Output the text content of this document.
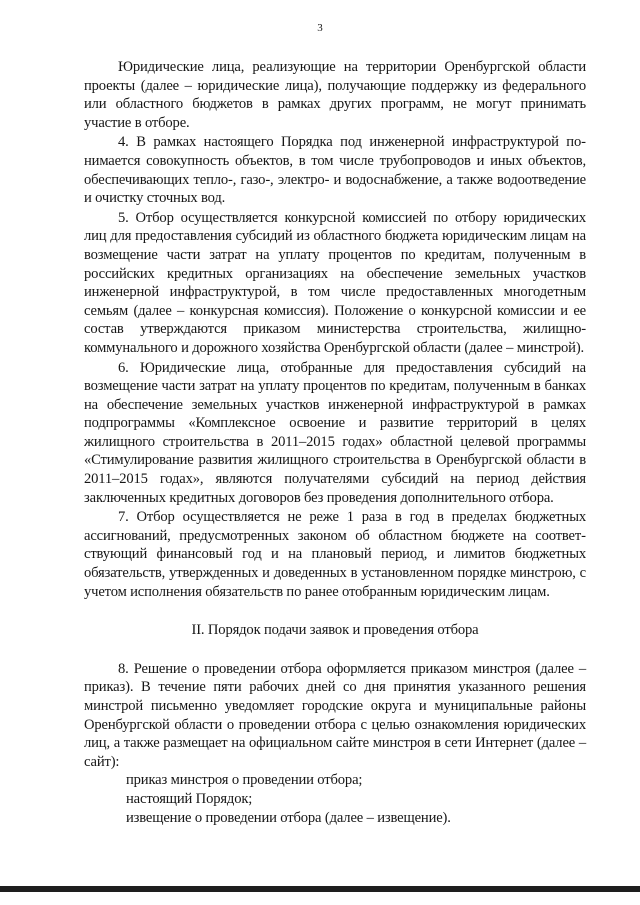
3

Юридические лица, реализующие на территории Оренбургской области проекты (далее – юридические лица), получающие поддержку из федерального или областного бюджетов в рамках других программ, не могут принимать участие в отборе.

4. В рамках настоящего Порядка под инженерной инфраструктурой понимается совокупность объектов, в том числе трубопроводов и иных объектов, обеспечивающих тепло-, газо-, электро- и водоснабжение, а также водоотведение и очистку сточных вод.

5. Отбор осуществляется конкурсной комиссией по отбору юридических лиц для предоставления субсидий из областного бюджета юридическим лицам на возмещение части затрат на уплату процентов по кредитам, полученным в российских кредитных организациях на обеспечение земельных участков инженерной инфраструктурой, в том числе предоставленных многодетным семьям (далее – конкурсная комиссия). Положение о конкурсной комиссии и ее состав утверждаются приказом министерства строительства, жилищно-коммунального и дорожного хозяйства Оренбургской области (далее – минстрой).

6. Юридические лица, отобранные для предоставления субсидий на возмещение части затрат на уплату процентов по кредитам, полученным в банках на обеспечение земельных участков инженерной инфраструктурой в рамках подпрограммы «Комплексное освоение и развитие территорий в целях жилищного строительства в 2011–2015 годах» областной целевой программы «Стимулирование развития жилищного строительства в Оренбургской области в 2011–2015 годах», являются получателями субсидий на период действия заключенных кредитных договоров без проведения дополнительного отбора.

7. Отбор осуществляется не реже 1 раза в год в пределах бюджетных ассигнований, предусмотренных законом об областном бюджете на соответствующий финансовый год и на плановый период, и лимитов бюджетных обязательств, утвержденных и доведенных в установленном порядке минстрою, с учетом исполнения обязательств по ранее отобранным юридическим лицам.

II. Порядок подачи заявок и проведения отбора

8. Решение о проведении отбора оформляется приказом минстроя (далее – приказ). В течение пяти рабочих дней со дня принятия указанного решения минстрой письменно уведомляет городские округа и муниципальные районы Оренбургской области о проведении отбора с целью ознакомления юридических лиц, а также размещает на официальном сайте минстроя в сети Интернет (далее – сайт):

приказ минстроя о проведении отбора;

настоящий Порядок;

извещение о проведении отбора (далее – извещение).
